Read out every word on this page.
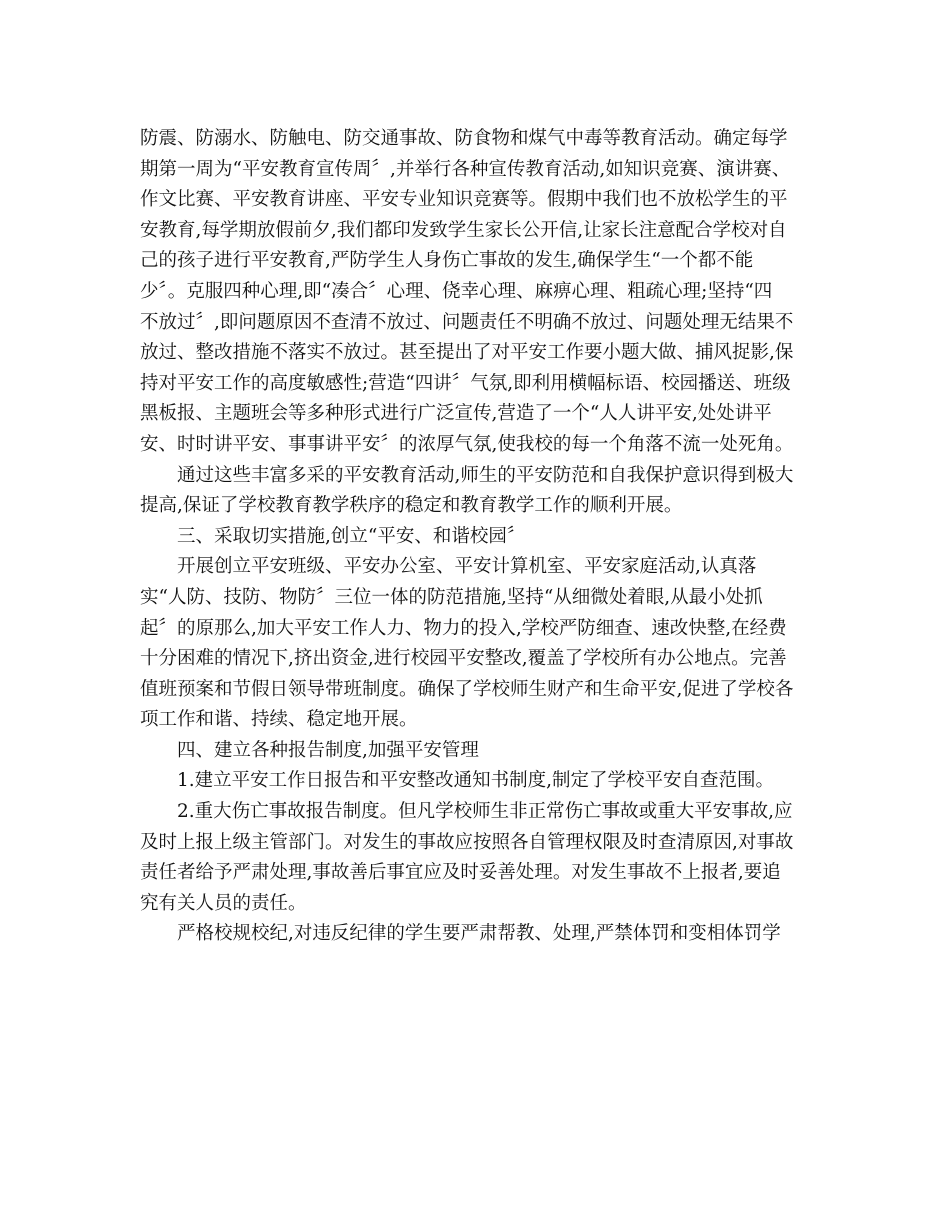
防震、防溺水、防触电、防交通事故、防食物和煤气中毒等教育活动。确定每学
期第一周为“平安教育宣传周〞,并举行各种宣传教育活动,如知识竞赛、演讲赛、
作文比赛、平安教育讲座、平安专业知识竞赛等。假期中我们也不放松学生的平
安教育,每学期放假前夕,我们都印发致学生家长公开信,让家长注意配合学校对自
己的孩子进行平安教育,严防学生人身伤亡事故的发生,确保学生“一个都不能
少〞。克服四种心理,即“凑合〞心理、侥幸心理、麻痹心理、粗疏心理;坚持“四
不放过〞,即问题原因不查清不放过、问题责任不明确不放过、问题处理无结果不
放过、整改措施不落实不放过。甚至提出了对平安工作要小题大做、捕风捉影,保
持对平安工作的高度敏感性;营造“四讲〞气氛,即利用横幅标语、校园播送、班级
黑板报、主题班会等多种形式进行广泛宣传,营造了一个“人人讲平安,处处讲平
安、时时讲平安、事事讲平安〞的浓厚气氛,使我校的每一个角落不流一处死角。
通过这些丰富多采的平安教育活动,师生的平安防范和自我保护意识得到极大
提高,保证了学校教育教学秩序的稳定和教育教学工作的顺利开展。
三、采取切实措施,创立“平安、和谐校园〞
开展创立平安班级、平安办公室、平安计算机室、平安家庭活动,认真落
实“人防、技防、物防〞三位一体的防范措施,坚持“从细微处着眼,从最小处抓
起〞的原那么,加大平安工作人力、物力的投入,学校严防细查、速改快整,在经费
十分困难的情况下,挤出资金,进行校园平安整改,覆盖了学校所有办公地点。完善
值班预案和节假日领导带班制度。确保了学校师生财产和生命平安,促进了学校各
项工作和谐、持续、稳定地开展。
四、建立各种报告制度,加强平安管理
1.建立平安工作日报告和平安整改通知书制度,制定了学校平安自查范围。
2.重大伤亡事故报告制度。但凡学校师生非正常伤亡事故或重大平安事故,应
及时上报上级主管部门。对发生的事故应按照各自管理权限及时查清原因,对事故
责任者给予严肃处理,事故善后事宜应及时妥善处理。对发生事故不上报者,要追
究有关人员的责任。
严格校规校纪,对违反纪律的学生要严肃帮教、处理,严禁体罚和变相体罚学
